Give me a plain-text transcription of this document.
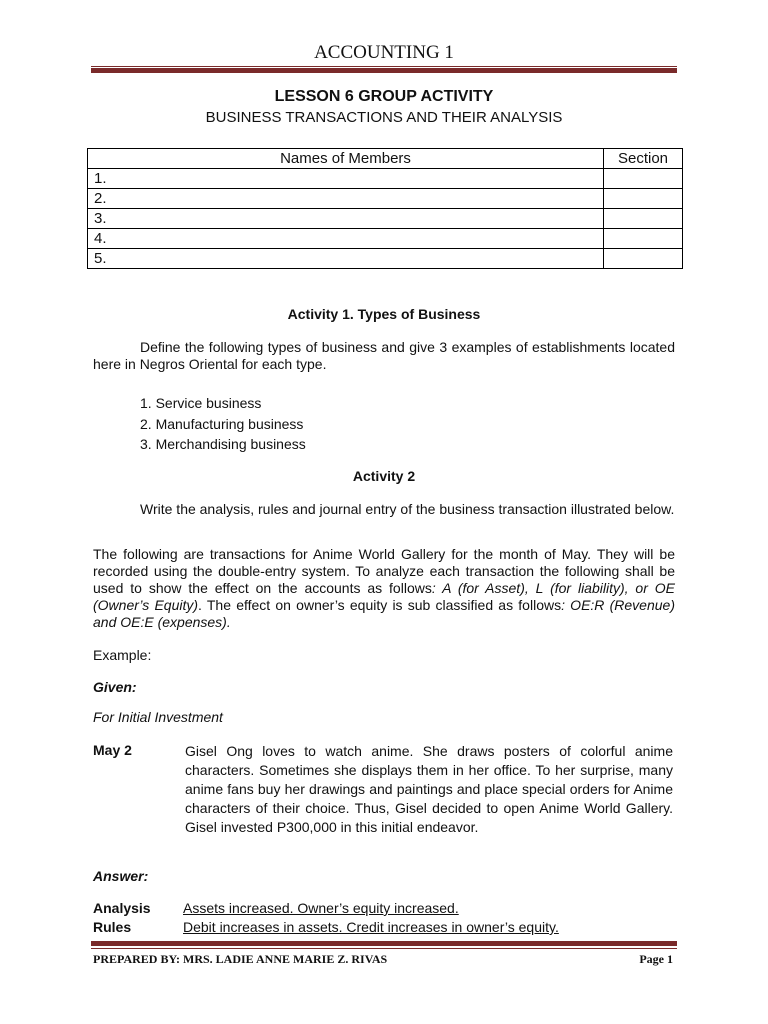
ACCOUNTING 1
LESSON 6 GROUP ACTIVITY
BUSINESS TRANSACTIONS AND THEIR ANALYSIS
Names of Members	Section
1.	
2.	
3.	
4.	
5.	
Activity 1. Types of Business
Define the following types of business and give 3 examples of establishments located here in Negros Oriental for each type.
1. Service business
2. Manufacturing business
3. Merchandising business
Activity 2
Write the analysis, rules and journal entry of the business transaction illustrated below.
The following are transactions for Anime World Gallery for the month of May. They will be recorded using the double-entry system. To analyze each transaction the following shall be used to show the effect on the accounts as follows: A (for Asset), L (for liability), or OE (Owner’s Equity). The effect on owner’s equity is sub classified as follows: OE:R (Revenue) and OE:E (expenses).
Example:
Given:
For Initial Investment
May 2	Gisel Ong loves to watch anime. She draws posters of colorful anime characters. Sometimes she displays them in her office. To her surprise, many anime fans buy her drawings and paintings and place special orders for Anime characters of their choice. Thus, Gisel decided to open Anime World Gallery. Gisel invested P300,000 in this initial endeavor.
Answer:
Analysis Assets increased. Owner’s equity increased.
Rules	Debit increases in assets. Credit increases in owner’s equity.
PREPARED BY: MRS. LADIE ANNE MARIE Z. RIVAS	Page 1
